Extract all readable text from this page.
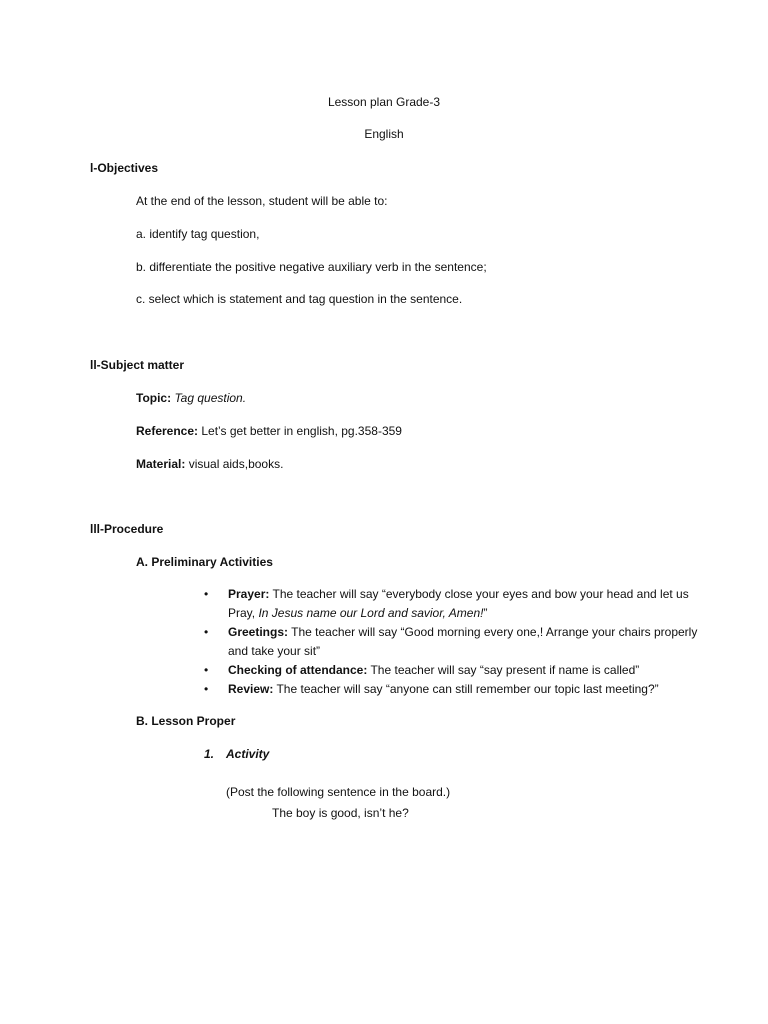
Lesson plan Grade-3
English
l-Objectives
At the end of the lesson, student will be able to:
a. identify tag question,
b. differentiate the positive negative auxiliary verb in the sentence;
c. select which is statement and tag question in the sentence.
ll-Subject matter
Topic: Tag question.
Reference: Let’s get better in english, pg.358-359
Material: visual aids,books.
lll-Procedure
A. Preliminary Activities
• Prayer: The teacher will say “everybody close your eyes and bow your head and let us Pray, In Jesus name our Lord and savior, Amen!”
• Greetings: The teacher will say “Good morning every one,! Arrange your chairs properly and take your sit”
• Checking of attendance: The teacher will say “say present if name is called”
• Review: The teacher will say “anyone can still remember our topic last meeting?”
B. Lesson Proper
1. Activity
(Post the following sentence in the board.)
The boy is good, isn’t he?
